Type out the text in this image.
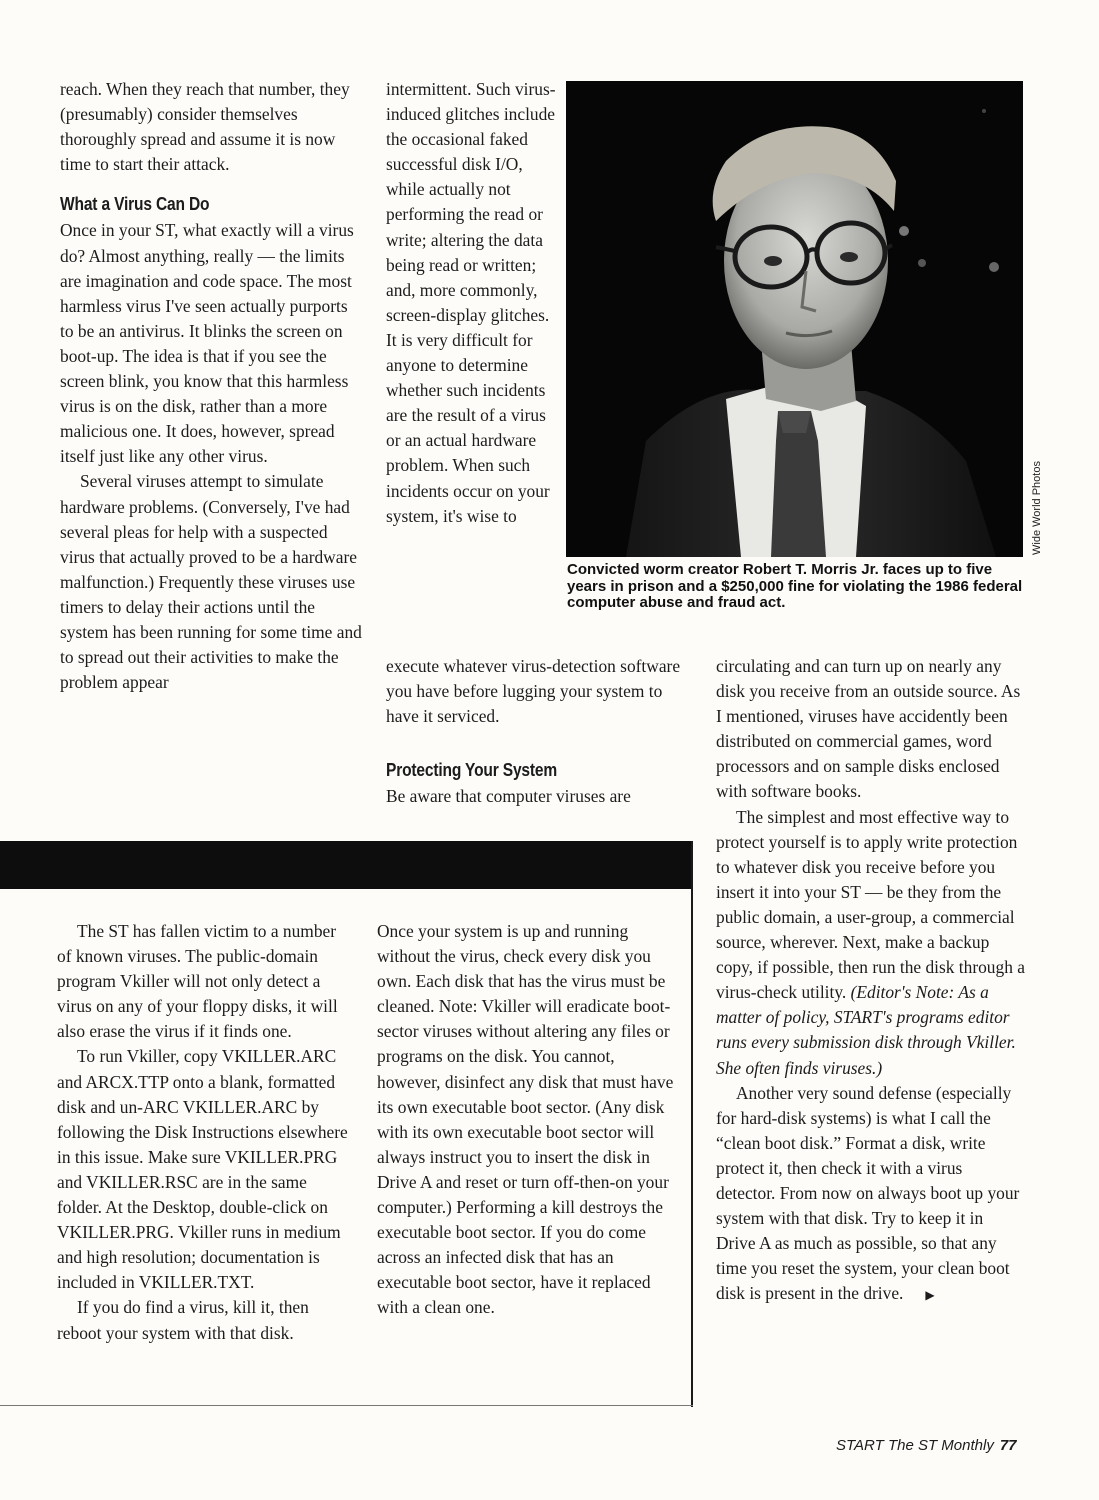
reach. When they reach that number, they (presumably) consider themselves thoroughly spread and assume it is now time to start their attack.

What a Virus Can Do

Once in your ST, what exactly will a virus do? Almost anything, really — the limits are imagination and code space. The most harmless virus I've seen actually purports to be an antivirus. It blinks the screen on boot-up. The idea is that if you see the screen blink, you know that this harmless virus is on the disk, rather than a more malicious one. It does, however, spread itself just like any other virus.

Several viruses attempt to simulate hardware problems. (Conversely, I've had several pleas for help with a suspected virus that actually proved to be a hardware malfunction.) Frequently these viruses use timers to delay their actions until the system has been running for some time and to spread out their activities to make the problem appear

intermittent. Such virus-induced glitches include the occasional faked successful disk I/O, while actually not performing the read or write; altering the data being read or written; and, more commonly, screen-display glitches. It is very difficult for anyone to determine whether such incidents are the result of a virus or an actual hardware problem. When such incidents occur on your system, it's wise to

execute whatever virus-detection software you have before lugging your system to have it serviced.

Protecting Your System

Be aware that computer viruses are

Wide World Photos
Convicted worm creator Robert T. Morris Jr. faces up to five years in prison and a $250,000 fine for violating the 1986 federal computer abuse and fraud act.

circulating and can turn up on nearly any disk you receive from an outside source. As I mentioned, viruses have accidently been distributed on commercial games, word processors and on sample disks enclosed with software books.

The simplest and most effective way to protect yourself is to apply write protection to whatever disk you receive before you insert it into your ST — be they from the public domain, a user-group, a commercial source, wherever. Next, make a backup copy, if possible, then run the disk through a virus-check utility. (Editor's Note: As a matter of policy, START's programs editor runs every submission disk through Vkiller. She often finds viruses.)

Another very sound defense (especially for hard-disk systems) is what I call the “clean boot disk.” Format a disk, write protect it, then check it with a virus detector. From now on always boot up your system with that disk. Try to keep it in Drive A as much as possible, so that any time you reset the system, your clean boot disk is present in the drive. ▶

The ST has fallen victim to a number of known viruses. The public-domain program Vkiller will not only detect a virus on any of your floppy disks, it will also erase the virus if it finds one.

To run Vkiller, copy VKILLER.ARC and ARCX.TTP onto a blank, formatted disk and un-ARC VKILLER.ARC by following the Disk Instructions elsewhere in this issue. Make sure VKILLER.PRG and VKILLER.RSC are in the same folder. At the Desktop, double-click on VKILLER.PRG. Vkiller runs in medium and high resolution; documentation is included in VKILLER.TXT.

If you do find a virus, kill it, then reboot your system with that disk.

Once your system is up and running without the virus, check every disk you own. Each disk that has the virus must be cleaned. Note: Vkiller will eradicate boot-sector viruses without altering any files or programs on the disk. You cannot, however, disinfect any disk that must have its own executable boot sector. (Any disk with its own executable boot sector will always instruct you to insert the disk in Drive A and reset or turn off-then-on your computer.) Performing a kill destroys the executable boot sector. If you do come across an infected disk that has an executable boot sector, have it replaced with a clean one.

START The ST Monthly 77
